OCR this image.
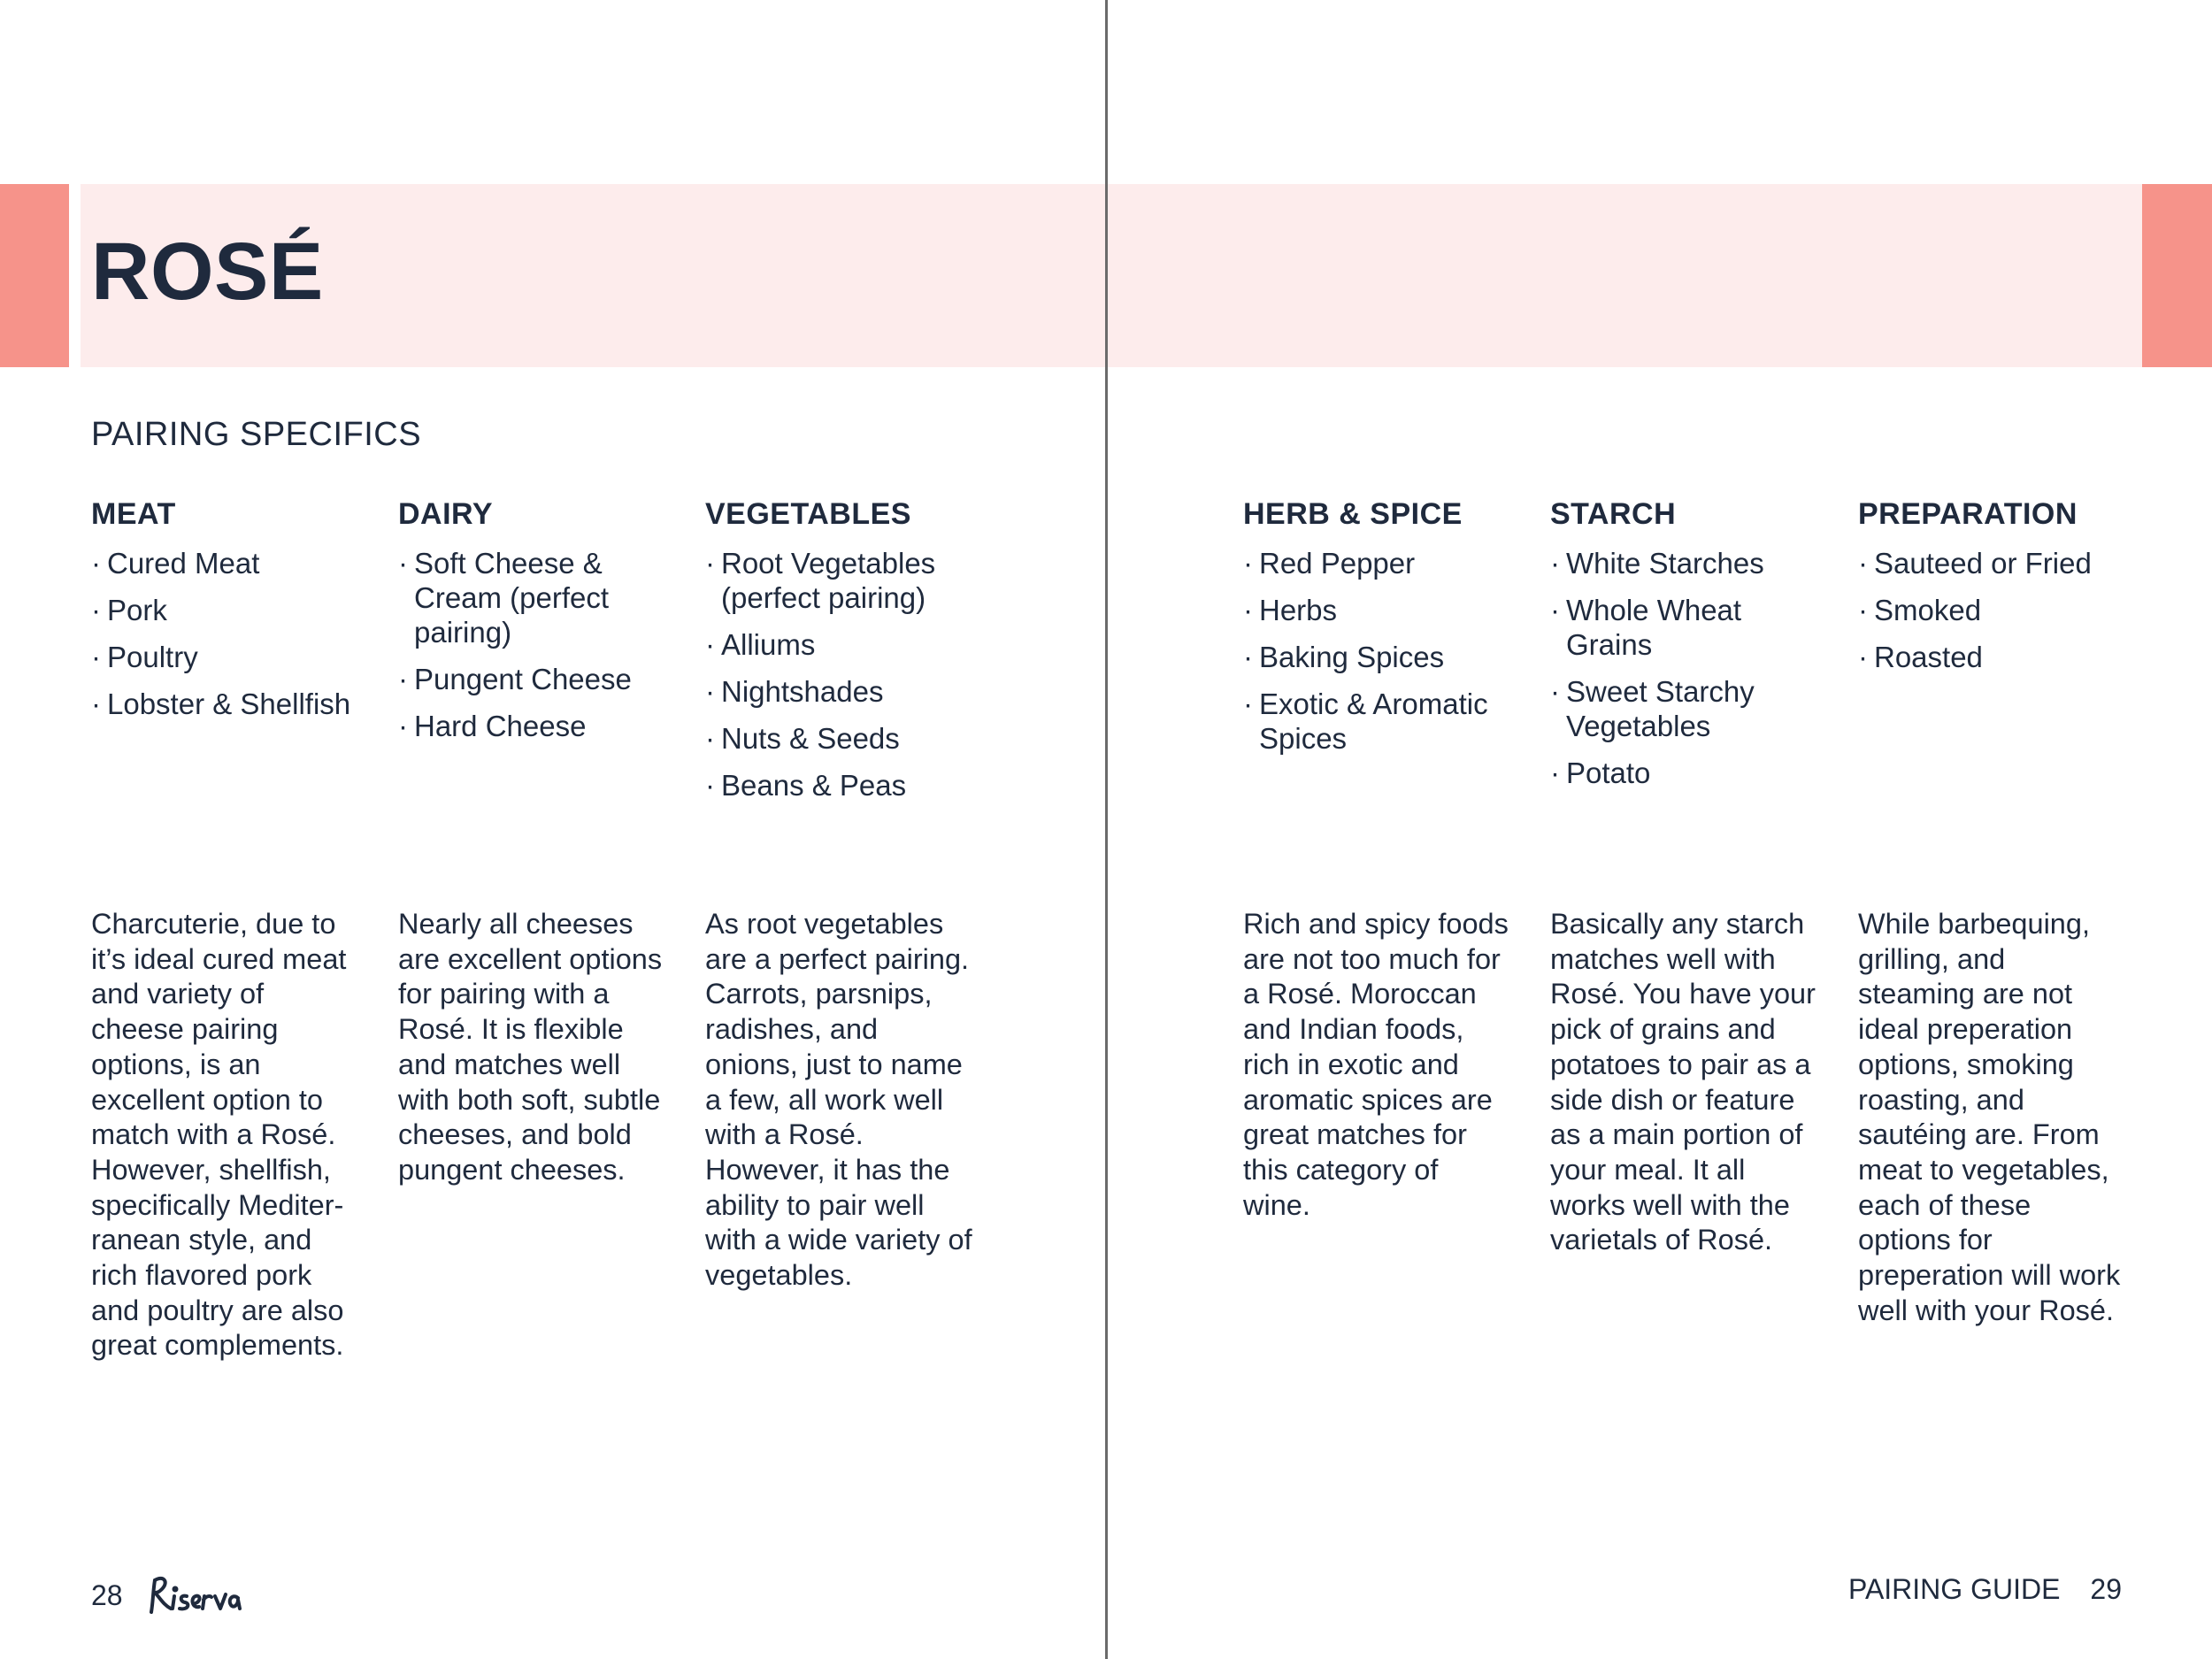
ROSÉ
PAIRING SPECIFICS
MEAT
· Cured Meat
· Pork
· Poultry
· Lobster & Shellfish
DAIRY
· Soft Cheese & Cream (perfect pairing)
· Pungent Cheese
· Hard Cheese
VEGETABLES
· Root Vegetables (perfect pairing)
· Alliums
· Nightshades
· Nuts & Seeds
· Beans & Peas
HERB & SPICE
· Red Pepper
· Herbs
· Baking Spices
· Exotic & Aromatic Spices
STARCH
· White Starches
· Whole Wheat Grains
· Sweet Starchy Vegetables
· Potato
PREPARATION
· Sauteed or Fried
· Smoked
· Roasted

Charcuterie, due to it’s ideal cured meat and variety of cheese pairing options, is an excellent option to match with a Rosé. However, shellfish, specifically Mediter-ranean style, and rich flavored pork and poultry are also great complements.

Nearly all cheeses are excellent options for pairing with a Rosé. It is flexible and matches well with both soft, subtle cheeses, and bold pungent cheeses.

As root vegetables are a perfect pairing. Carrots, parsnips, radishes, and onions, just to name a few, all work well with a Rosé. However, it has the ability to pair well with a wide variety of vegetables.

Rich and spicy foods are not too much for a Rosé. Moroccan and Indian foods, rich in exotic and aromatic spices are great matches for this category of wine.

Basically any starch matches well with Rosé. You have your pick of grains and potatoes to pair as a side dish or feature as a main portion of your meal. It all works well with the varietals of Rosé.

While barbequing, grilling, and steaming are not ideal preperation options, smoking roasting, and sautéing are. From meat to vegetables, each of these options for preperation will work well with your Rosé.

28	PAIRING GUIDE 29
